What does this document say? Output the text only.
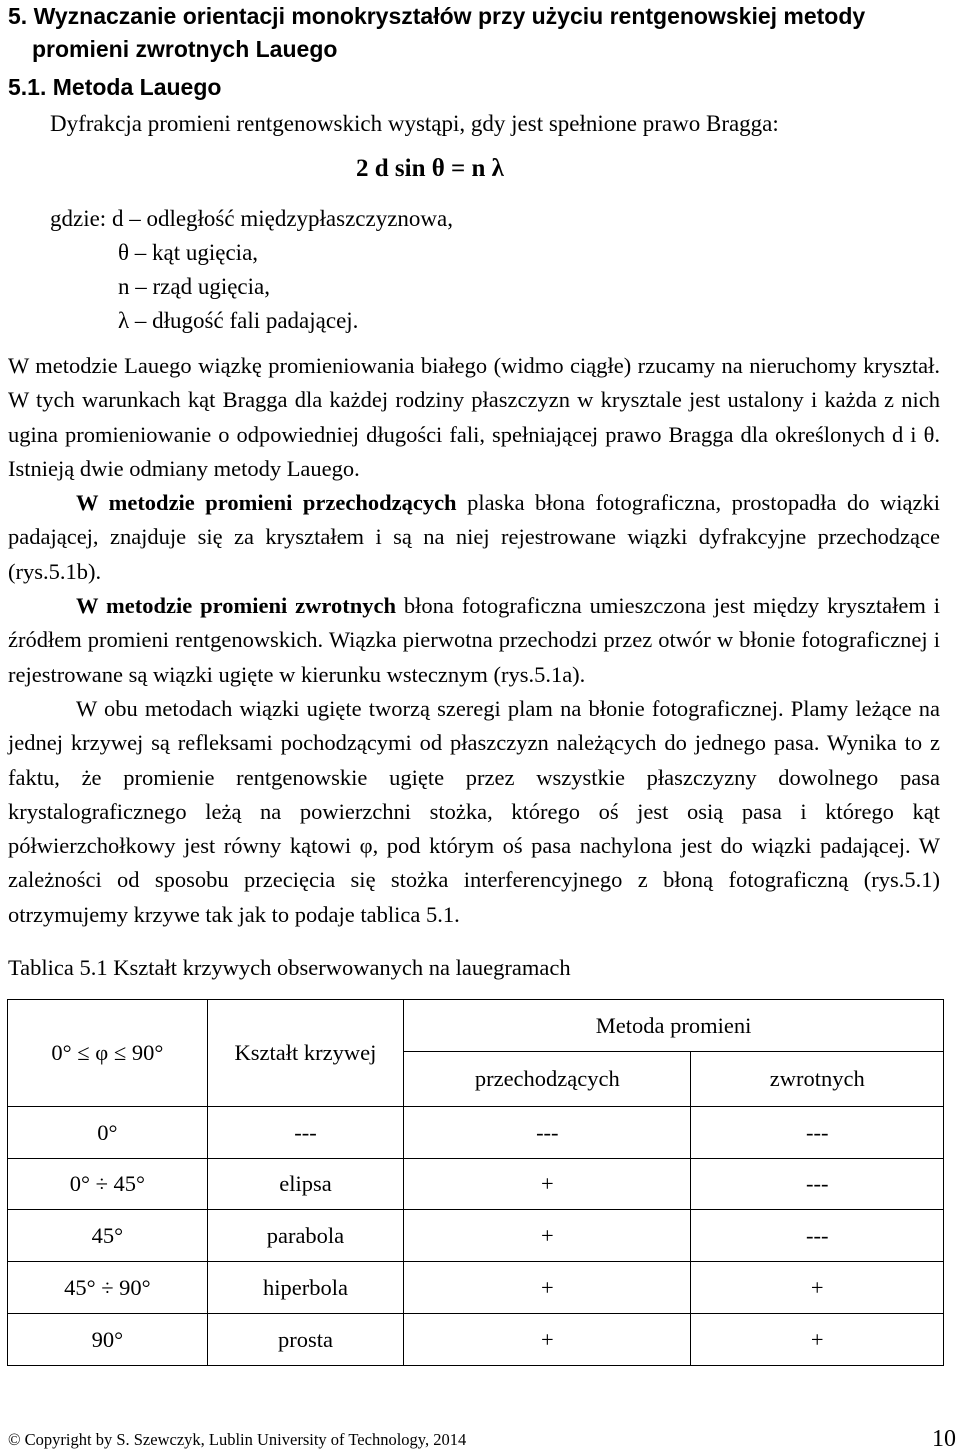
5. Wyznaczanie orientacji monokryształów przy użyciu rentgenowskiej metody
promieni zwrotnych Lauego
5.1. Metoda Lauego
Dyfrakcja promieni rentgenowskich wystąpi, gdy jest spełnione prawo Bragga:
2 d sin θ = n λ
gdzie: d – odległość międzypłaszczyznowa,
θ – kąt ugięcia,
n – rząd ugięcia,
λ – długość fali padającej.

W metodzie Lauego wiązkę promieniowania białego (widmo ciągłe) rzucamy na nieruchomy kryształ. W tych warunkach kąt Bragga dla każdej rodziny płaszczyzn w krysztale jest ustalony i każda z nich ugina promieniowanie o odpowiedniej długości fali, spełniającej prawo Bragga dla określonych d i θ. Istnieją dwie odmiany metody Lauego.

W metodzie promieni przechodzących plaska błona fotograficzna, prostopadła do wiązki padającej, znajduje się za kryształem i są na niej rejestrowane wiązki dyfrakcyjne przechodzące (rys.5.1b).

W metodzie promieni zwrotnych błona fotograficzna umieszczona jest między kryształem i źródłem promieni rentgenowskich. Wiązka pierwotna przechodzi przez otwór w błonie fotograficznej i rejestrowane są wiązki ugięte w kierunku wstecznym (rys.5.1a).

W obu metodach wiązki ugięte tworzą szeregi plam na błonie fotograficznej. Plamy leżące na jednej krzywej są refleksami pochodzącymi od płaszczyzn należących do jednego pasa. Wynika to z faktu, że promienie rentgenowskie ugięte przez wszystkie płaszczyzny dowolnego pasa krystalograficznego leżą na powierzchni stożka, którego oś jest osią pasa i którego kąt półwierzchołkowy jest równy kątowi φ, pod którym oś pasa nachylona jest do wiązki padającej. W zależności od sposobu przecięcia się stożka interferencyjnego z błoną fotograficzną (rys.5.1) otrzymujemy krzywe tak jak to podaje tablica 5.1.

Tablica 5.1 Kształt krzywych obserwowanych na lauegramach
0° ≤ φ ≤ 90°	Kształt krzywej	Metoda promieni	
		przechodzących	zwrotnych
0°	---	---	---
0° ÷ 45°	elipsa	+	---
45°	parabola	+	---
45° ÷ 90°	hiperbola	+	+
90°	prosta	+	+
© Copyright by S. Szewczyk, Lublin University of Technology, 2014	10
